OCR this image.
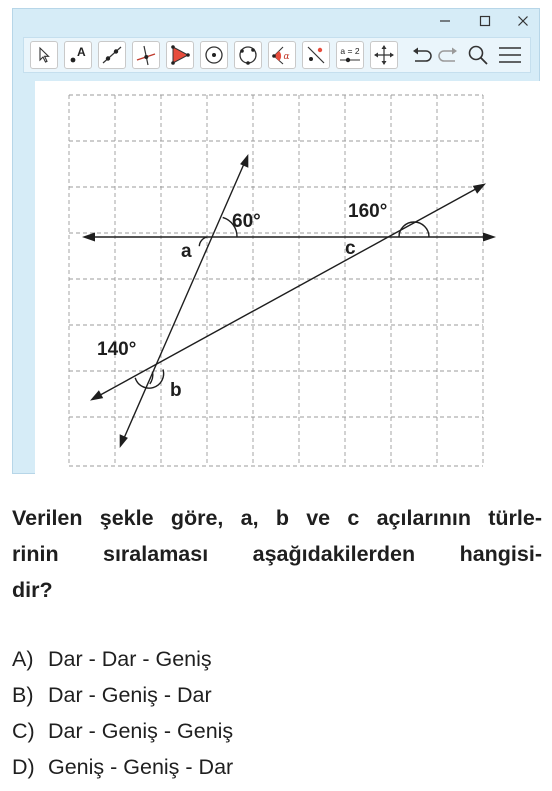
A	α
a = 2
60°	160°
140°
a	c
b
Verilen şekle göre, a, b ve c açılarının türle-
rinin sıralaması aşağıdakilerden hangisi-
dir?
A) Dar - Dar - Geniş
B) Dar - Geniş - Dar
C) Dar - Geniş - Geniş
D) Geniş - Geniş - Dar
